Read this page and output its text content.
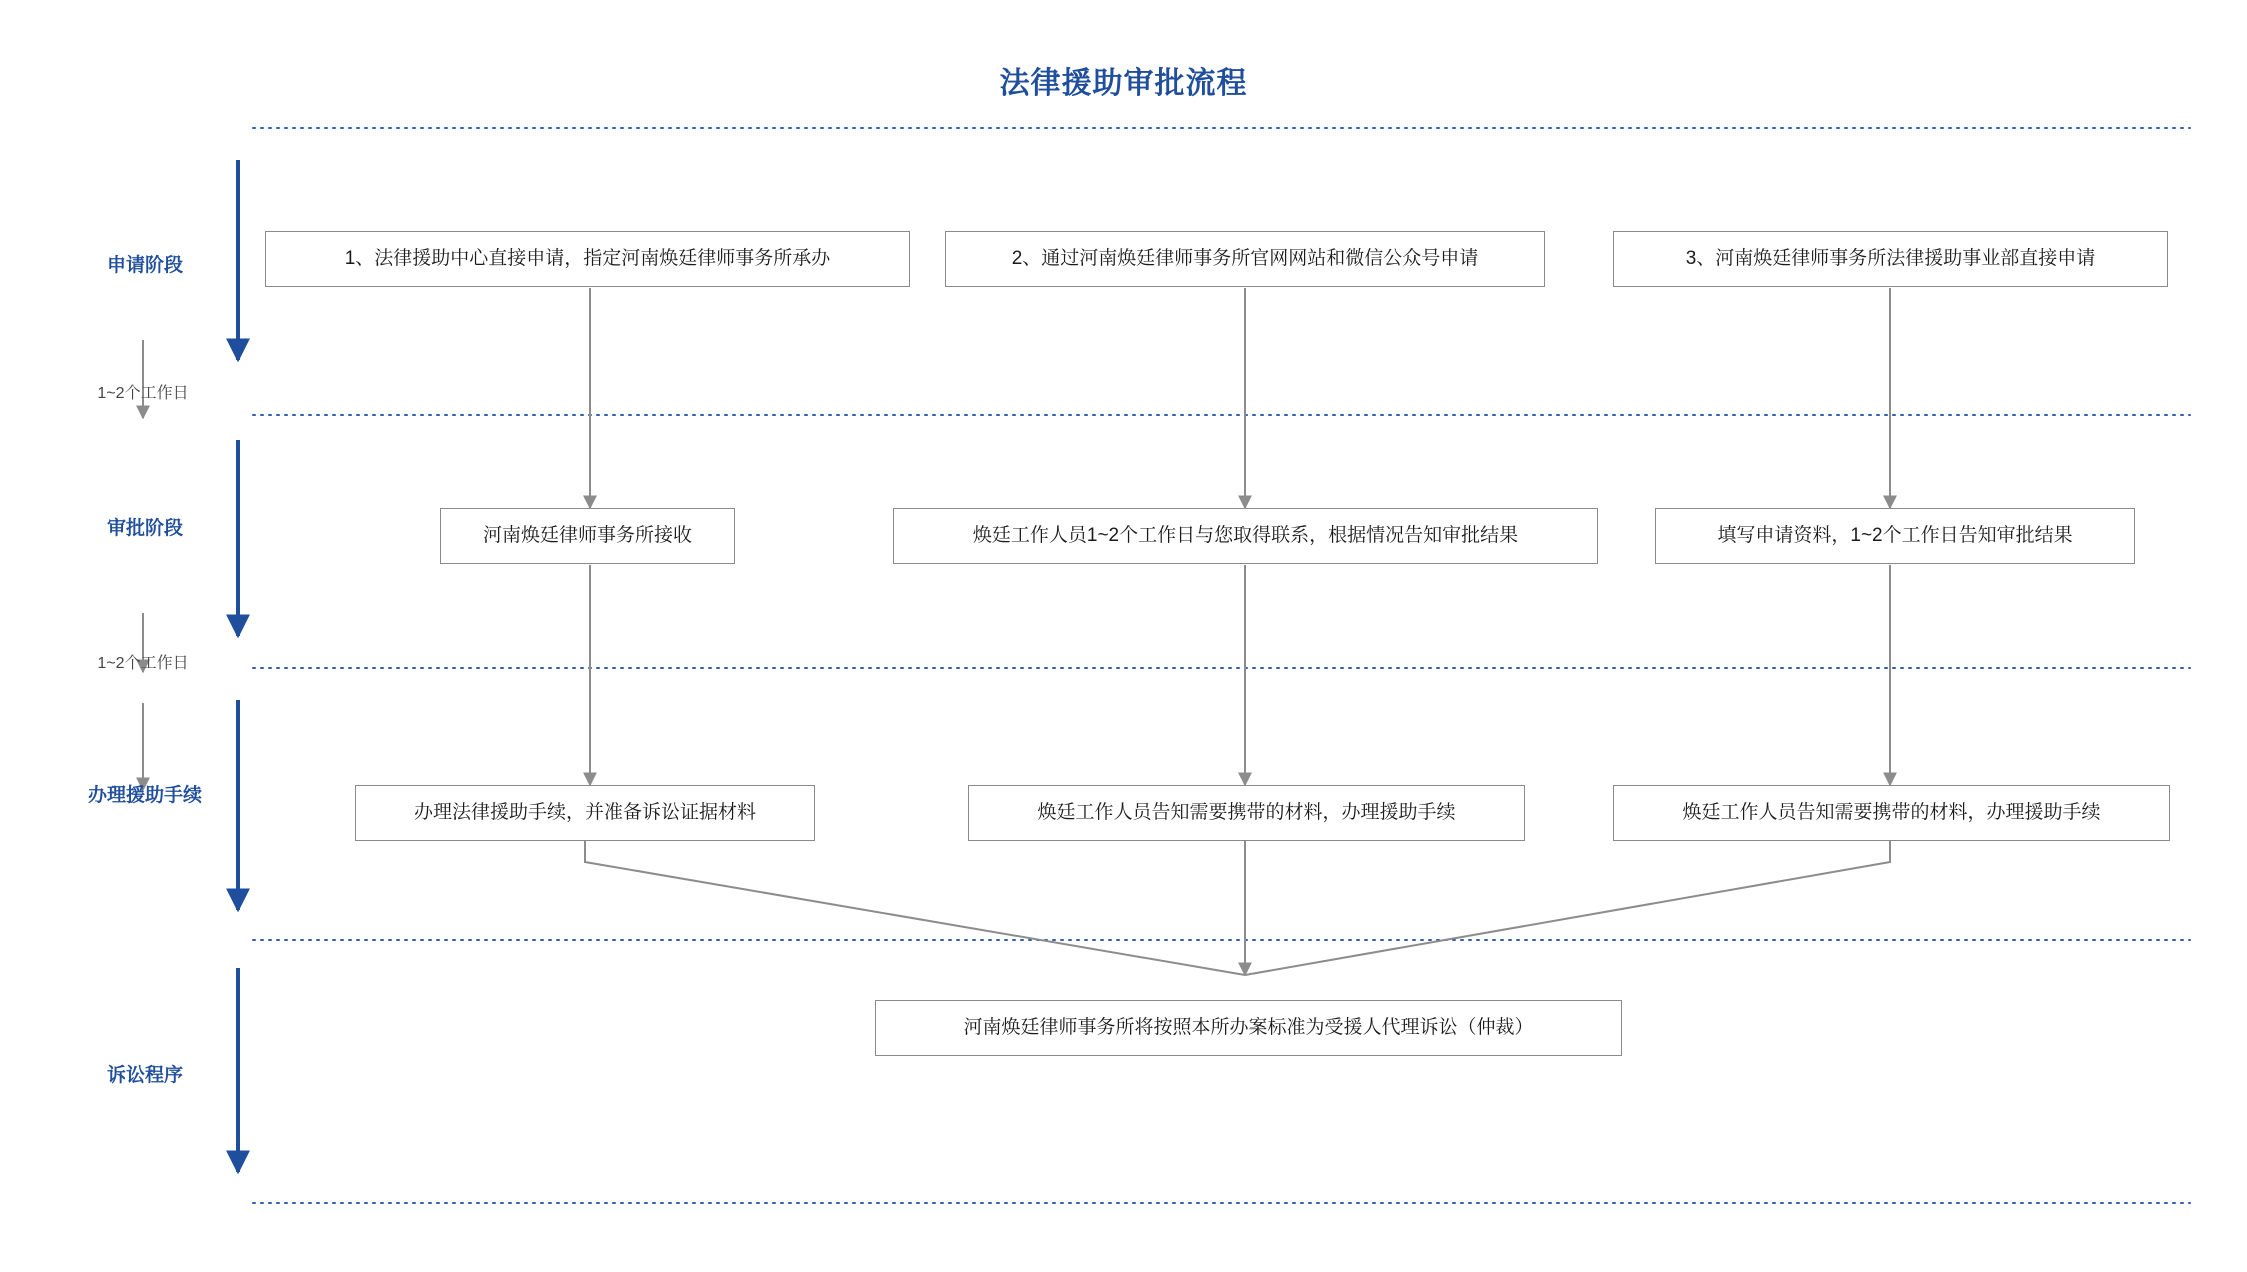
法律援助审批流程
申请阶段
审批阶段
办理援助手续
诉讼程序
1~2个工作日
1~2个工作日
1、法律援助中心直接申请，指定河南焕廷律师事务所承办	2、通过河南焕廷律师事务所官网网站和微信公众号申请	3、河南焕廷律师事务所法律援助事业部直接申请
河南焕廷律师事务所接收	焕廷工作人员1~2个工作日与您取得联系，根据情况告知审批结果	填写申请资料，1~2个工作日告知审批结果
办理法律援助手续，并准备诉讼证据材料	焕廷工作人员告知需要携带的材料，办理援助手续	焕廷工作人员告知需要携带的材料，办理援助手续
河南焕廷律师事务所将按照本所办案标准为受援人代理诉讼（仲裁）
